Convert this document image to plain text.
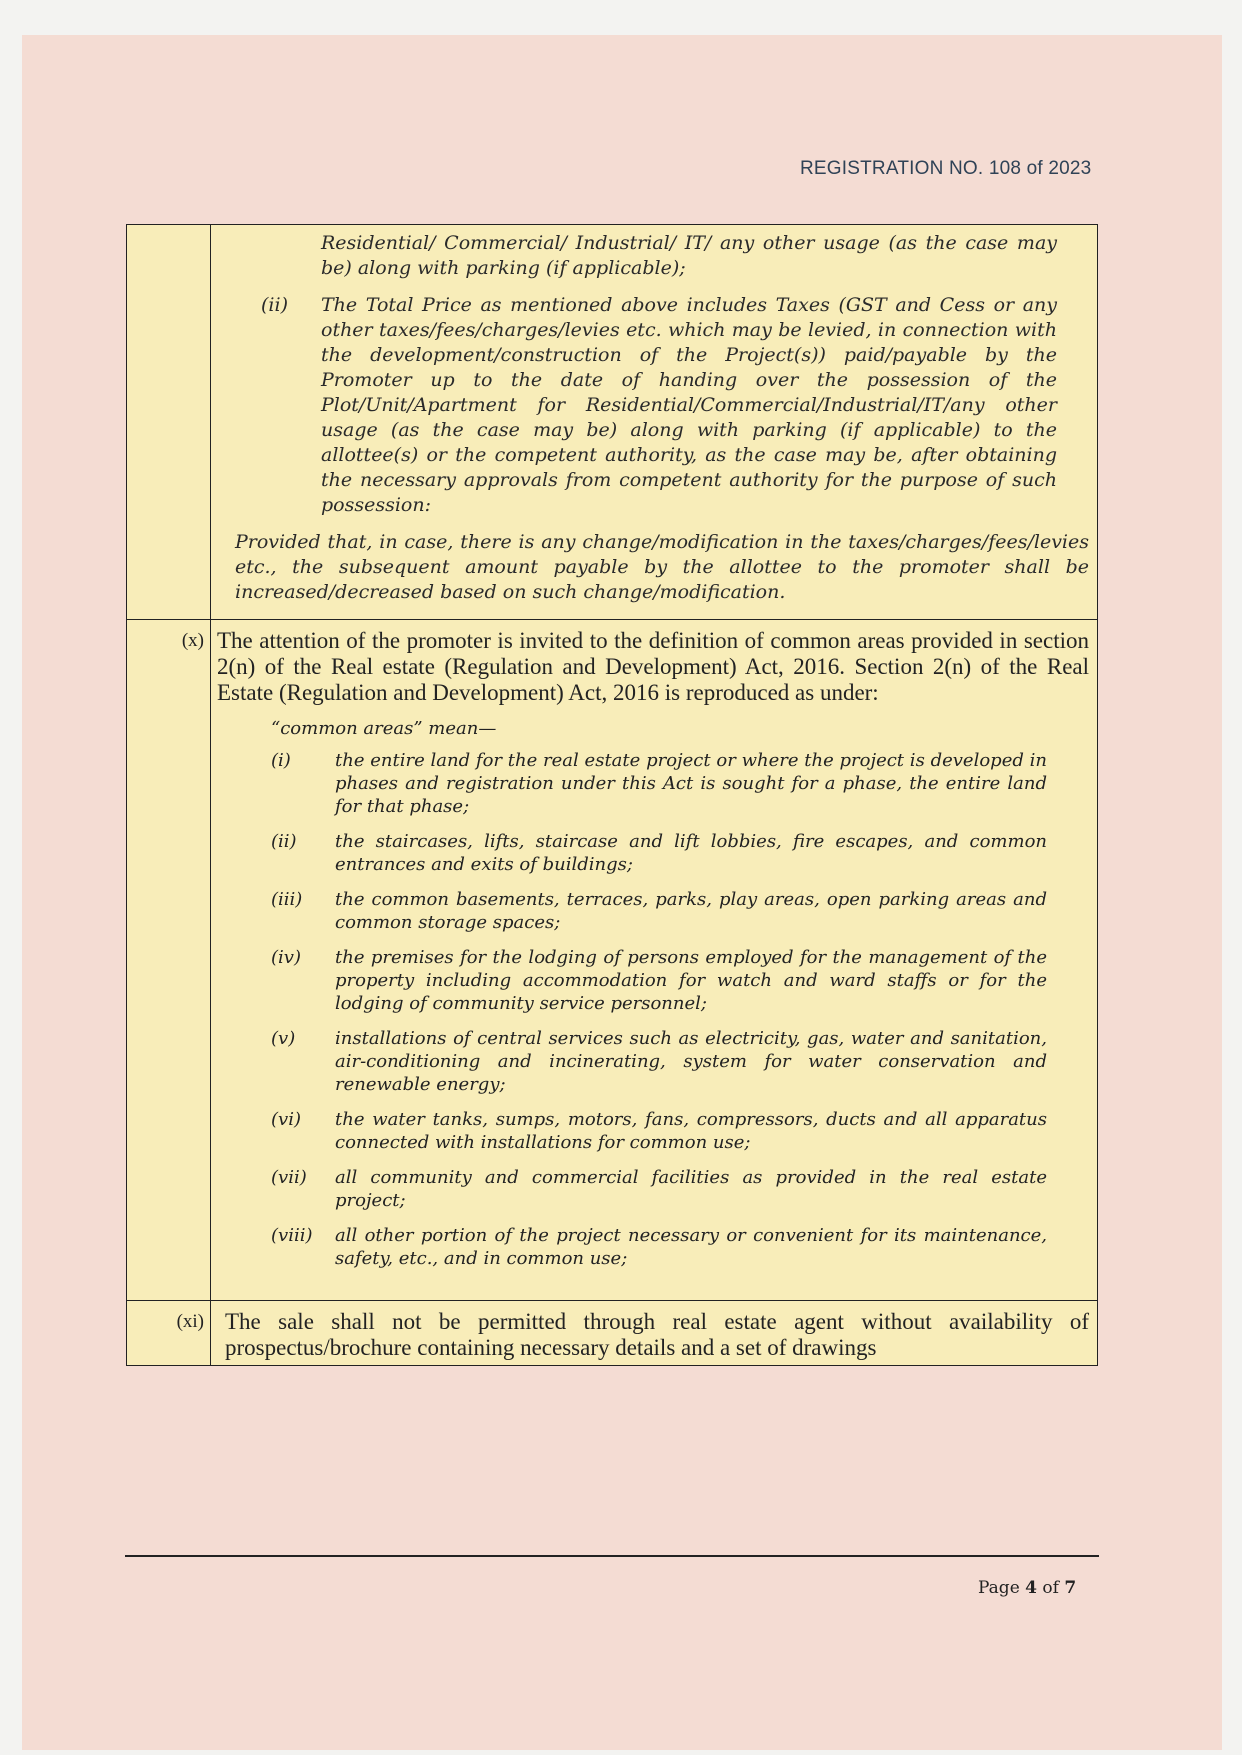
REGISTRATION NO. 108 of 2023
Residential/ Commercial/ Industrial/ IT/ any other usage (as the case may be) along with parking (if applicable);
(ii)	The Total Price as mentioned above includes Taxes (GST and Cess or any other taxes/fees/charges/levies etc. which may be levied, in connection with the development/construction of the Project(s)) paid/payable by the Promoter up to the date of handing over the possession of the Plot/Unit/Apartment for Residential/Commercial/Industrial/IT/any other usage (as the case may be) along with parking (if applicable) to the allottee(s) or the competent authority, as the case may be, after obtaining the necessary approvals from competent authority for the purpose of such possession:
Provided that, in case, there is any change/modification in the taxes/charges/fees/levies etc., the subsequent amount payable by the allottee to the promoter shall be increased/decreased based on such change/modification.
(x) The attention of the promoter is invited to the definition of common areas provided in section 2(n) of the Real estate (Regulation and Development) Act, 2016. Section 2(n) of the Real Estate (Regulation and Development) Act, 2016 is reproduced as under:
“common areas” mean—
(i)	the entire land for the real estate project or where the project is developed in phases and registration under this Act is sought for a phase, the entire land for that phase;
(ii)	the staircases, lifts, staircase and lift lobbies, fire escapes, and common entrances and exits of buildings;
(iii)	the common basements, terraces, parks, play areas, open parking areas and common storage spaces;
(iv)	the premises for the lodging of persons employed for the management of the property including accommodation for watch and ward staffs or for the lodging of community service personnel;
(v)	installations of central services such as electricity, gas, water and sanitation, air-conditioning and incinerating, system for water conservation and renewable energy;
(vi)	the water tanks, sumps, motors, fans, compressors, ducts and all apparatus connected with installations for common use;
(vii)	all community and commercial facilities as provided in the real estate project;
(viii)	all other portion of the project necessary or convenient for its maintenance, safety, etc., and in common use;
(xi) The sale shall not be permitted through real estate agent without availability of prospectus/brochure containing necessary details and a set of drawings
Page 4 of 7
